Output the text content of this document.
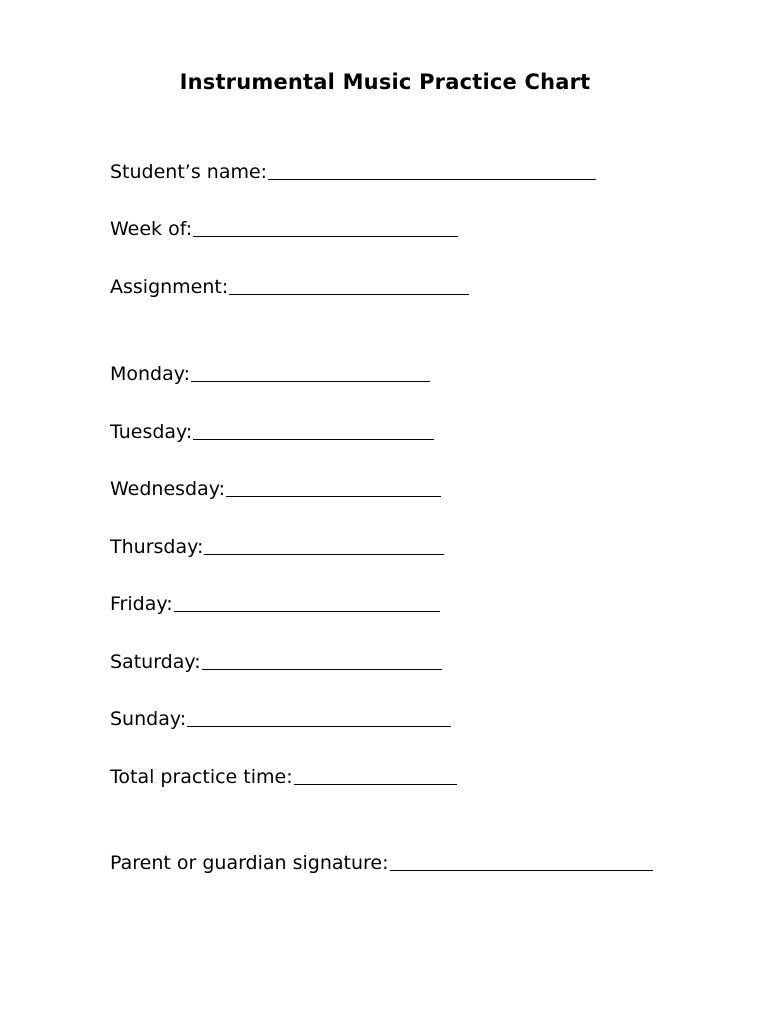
Instrumental Music Practice Chart
Student’s name:
Week of:
Assignment:
Monday:
Tuesday:
Wednesday:
Thursday:
Friday:
Saturday:
Sunday:
Total practice time:
Parent or guardian signature:
